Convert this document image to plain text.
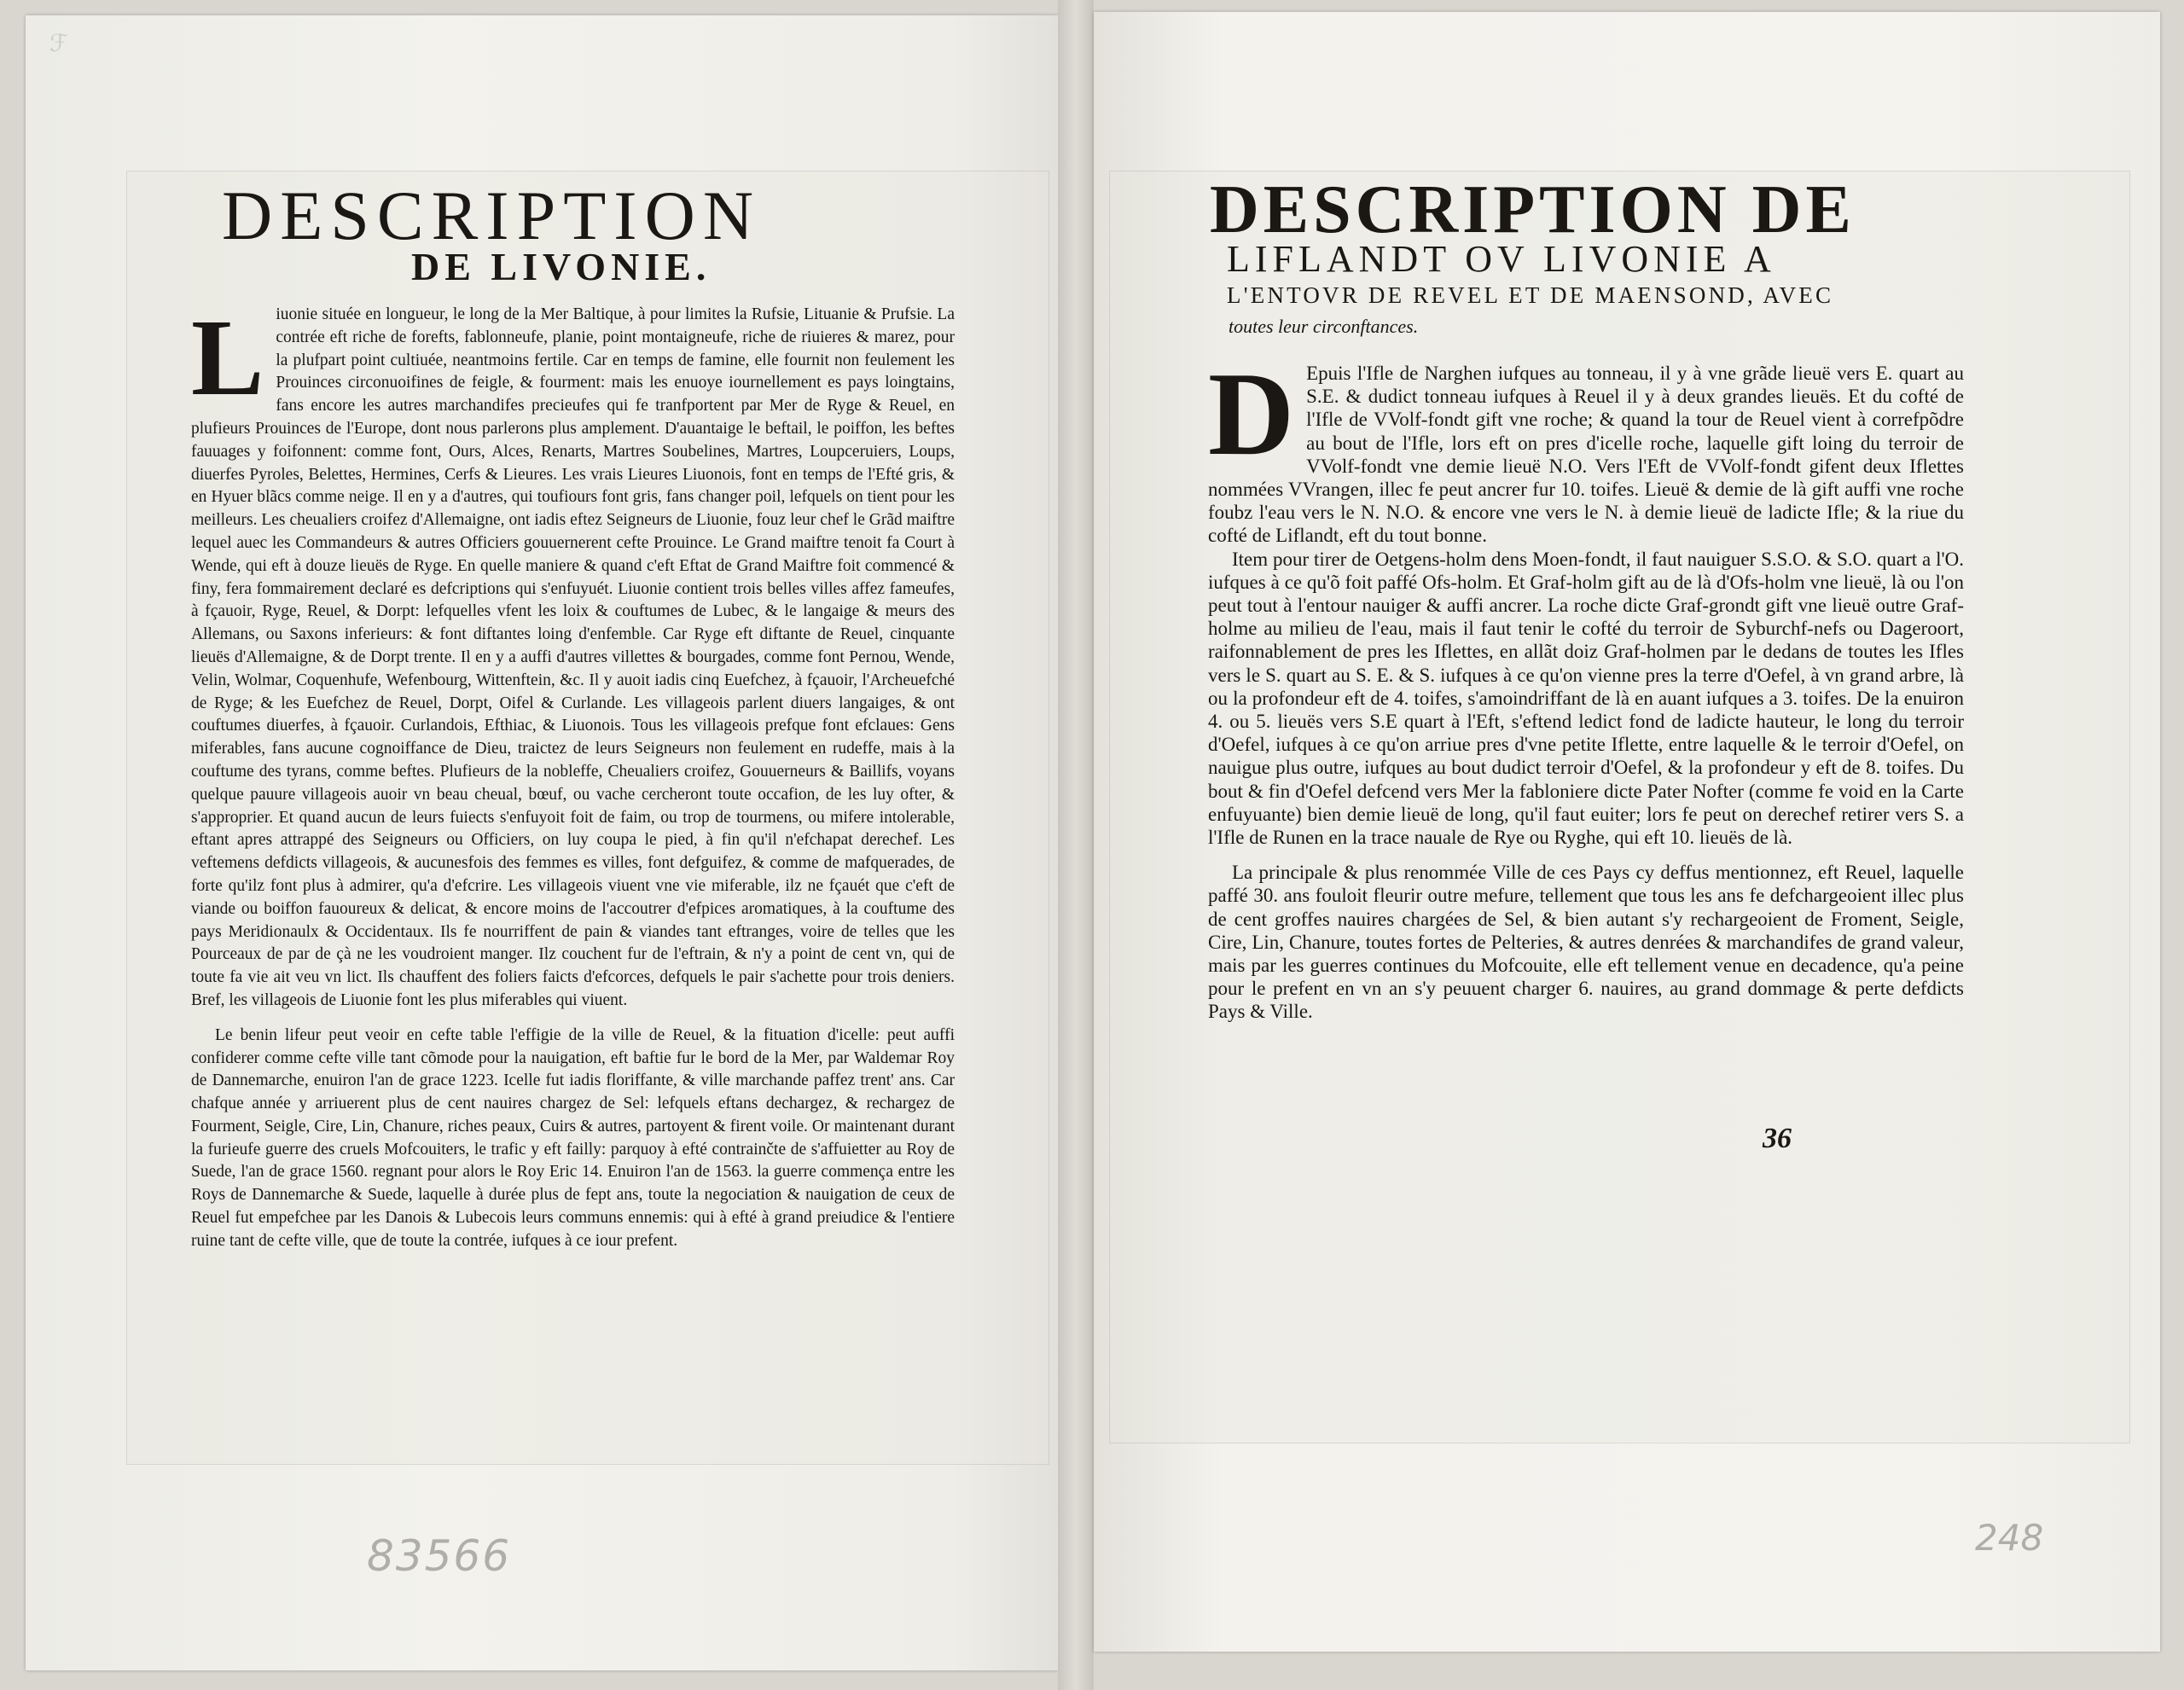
ℱ
DESCRIPTION
DE LIVONIE.

Liuonie située en longueur, le long de la Mer Baltique, à pour limites la Rufsie, Lituanie & Prufsie. La contrée eft riche de forefts, fablonneufe, planie, point montaigneufe, riche de riuieres & marez, pour la plufpart point cultiuée, neantmoins fertile. Car en temps de famine, elle fournit non feulement les Prouinces circonuoifines de feigle, & fourment: mais les enuoye iournellement es pays loingtains, fans encore les autres marchandifes precieufes qui fe tranfportent par Mer de Ryge & Reuel, en plufieurs Prouinces de l'Europe, dont nous parlerons plus amplement. D'auantaige le beftail, le poiffon, les beftes fauuages y foifonnent: comme font, Ours, Alces, Renarts, Martres Soubelines, Martres, Loupceruiers, Loups, diuerfes Pyroles, Belettes, Hermines, Cerfs & Lieures. Les vrais Lieures Liuonois, font en temps de l'Efté gris, & en Hyuer blãcs comme neige. Il en y a d'autres, qui toufiours font gris, fans changer poil, lefquels on tient pour les meilleurs. Les cheualiers croifez d'Allemaigne, ont iadis eftez Seigneurs de Liuonie, fouz leur chef le Grãd maiftre lequel auec les Commandeurs & autres Officiers gouuernerent cefte Prouince. Le Grand maiftre tenoit fa Court à Wende, qui eft à douze lieuës de Ryge. En quelle maniere & quand c'eft Eftat de Grand Maiftre foit commencé & finy, fera fommairement declaré es defcriptions qui s'enfuyuét. Liuonie contient trois belles villes affez fameufes, à fçauoir, Ryge, Reuel, & Dorpt: lefquelles vfent les loix & couftumes de Lubec, & le langaige & meurs des Allemans, ou Saxons inferieurs: & font diftantes loing d'enfemble. Car Ryge eft diftante de Reuel, cinquante lieuës d'Allemaigne, & de Dorpt trente. Il en y a auffi d'autres villettes & bourgades, comme font Pernou, Wende, Velin, Wolmar, Coquenhufe, Wefenbourg, Wittenftein, &c. Il y auoit iadis cinq Euefchez, à fçauoir, l'Archeuefché de Ryge; & les Euefchez de Reuel, Dorpt, Oifel & Curlande. Les villageois parlent diuers langaiges, & ont couftumes diuerfes, à fçauoir. Curlandois, Efthiac, & Liuonois. Tous les villageois prefque font efclaues: Gens miferables, fans aucune cognoiffance de Dieu, traictez de leurs Seigneurs non feulement en rudeffe, mais à la couftume des tyrans, comme beftes. Plufieurs de la nobleffe, Cheualiers croifez, Gouuerneurs & Baillifs, voyans quelque pauure villageois auoir vn beau cheual, bœuf, ou vache cercheront toute occafion, de les luy ofter, & s'approprier. Et quand aucun de leurs fuiects s'enfuyoit foit de faim, ou trop de tourmens, ou mifere intolerable, eftant apres attrappé des Seigneurs ou Officiers, on luy coupa le pied, à fin qu'il n'efchapat derechef. Les veftemens defdicts villageois, & aucunesfois des femmes es villes, font defguifez, & comme de mafquerades, de forte qu'ilz font plus à admirer, qu'a d'efcrire. Les villageois viuent vne vie miferable, ilz ne fçauét que c'eft de viande ou boiffon fauoureux & delicat, & encore moins de l'accoutrer d'efpices aromatiques, à la couftume des pays Meridionaulx & Occidentaux. Ils fe nourriffent de pain & viandes tant eftranges, voire de telles que les Pourceaux de par de çà ne les voudroient manger. Ilz couchent fur de l'eftrain, & n'y a point de cent vn, qui de toute fa vie ait veu vn lict. Ils chauffent des foliers faicts d'efcorces, defquels le pair s'achette pour trois deniers. Bref, les villageois de Liuonie font les plus miferables qui viuent.

Le benin lifeur peut veoir en cefte table l'effigie de la ville de Reuel, & la fituation d'icelle: peut auffi confiderer comme cefte ville tant cõmode pour la nauigation, eft baftie fur le bord de la Mer, par Waldemar Roy de Dannemarche, enuiron l'an de grace 1223. Icelle fut iadis floriffante, & ville marchande paffez trent' ans. Car chafque année y arriuerent plus de cent nauires chargez de Sel: lefquels eftans dechargez, & rechargez de Fourment, Seigle, Cire, Lin, Chanure, riches peaux, Cuirs & autres, partoyent & firent voile. Or maintenant durant la furieufe guerre des cruels Mofcouiters, le trafic y eft failly: parquoy à efté contrainčte de s'affuietter au Roy de Suede, l'an de grace 1560. regnant pour alors le Roy Eric 14. Enuiron l'an de 1563. la guerre commença entre les Roys de Dannemarche & Suede, laquelle à durée plus de fept ans, toute la negociation & nauigation de ceux de Reuel fut empefchee par les Danois & Lubecois leurs communs ennemis: qui à efté à grand preiudice & l'entiere ruine tant de cefte ville, que de toute la contrée, iufques à ce iour prefent.

83566
DESCRIPTION DE
LIFLANDT OV LIVONIE A
L'ENTOVR DE REVEL ET DE MAENSOND, AVEC
toutes leur circonftances.

D Epuis l'Ifle de Narghen iufques au tonneau, il y à vne grãde lieuë vers E. quart au S.E. & dudict tonneau iufques à Reuel il y à deux grandes lieuës. Et du cofté de l'Ifle de VVolf-fondt gift vne roche; & quand la tour de Reuel vient à correfpõdre au bout de l'Ifle, lors eft on pres d'icelle roche, laquelle gift loing du terroir de VVolf-fondt vne demie lieuë N.O. Vers l'Eft de VVolf-fondt gifent deux Iflettes nommées VVrangen, illec fe peut ancrer fur 10. toifes. Lieuë & demie de là gift auffi vne roche foubz l'eau vers le N. N.O. & encore vne vers le N. à demie lieuë de ladicte Ifle; & la riue du cofté de Liflandt, eft du tout bonne.

Item pour tirer de Oetgens-holm dens Moen-fondt, il faut nauiguer S.S.O. & S.O. quart a l'O. iufques à ce qu'õ foit paffé Ofs-holm. Et Graf-holm gift au de là d'Ofs-holm vne lieuë, là ou l'on peut tout à l'entour nauiger & auffi ancrer. La roche dicte Graf-grondt gift vne lieuë outre Graf-holme au milieu de l'eau, mais il faut tenir le cofté du terroir de Syburchf-nefs ou Dageroort, raifonnablement de pres les Iflettes, en allãt doiz Graf-holmen par le dedans de toutes les Ifles vers le S. quart au S. E. & S. iufques à ce qu'on vienne pres la terre d'Oefel, à vn grand arbre, là ou la profondeur eft de 4. toifes, s'amoindriffant de là en auant iufques a 3. toifes. De la enuiron 4. ou 5. lieuës vers S.E quart à l'Eft, s'eftend ledict fond de ladicte hauteur, le long du terroir d'Oefel, iufques à ce qu'on arriue pres d'vne petite Iflette, entre laquelle & le terroir d'Oefel, on nauigue plus outre, iufques au bout dudict terroir d'Oefel, & la profondeur y eft de 8. toifes. Du bout & fin d'Oefel defcend vers Mer la fabloniere dicte Pater Nofter (comme fe void en la Carte enfuyuante) bien demie lieuë de long, qu'il faut euiter; lors fe peut on derechef retirer vers S. a l'Ifle de Runen en la trace nauale de Rye ou Ryghe, qui eft 10. lieuës de là.

La principale & plus renommée Ville de ces Pays cy deffus mentionnez, eft Reuel, laquelle paffé 30. ans fouloit fleurir outre mefure, tellement que tous les ans fe defchargeoient illec plus de cent groffes nauires chargées de Sel, & bien autant s'y rechargeoient de Froment, Seigle, Cire, Lin, Chanure, toutes fortes de Pelteries, & autres denrées & marchandifes de grand valeur, mais par les guerres continues du Mofcouite, elle eft tellement venue en decadence, qu'a peine pour le prefent en vn an s'y peuuent charger 6. nauires, au grand dommage & perte defdicts Pays & Ville.

36
248
